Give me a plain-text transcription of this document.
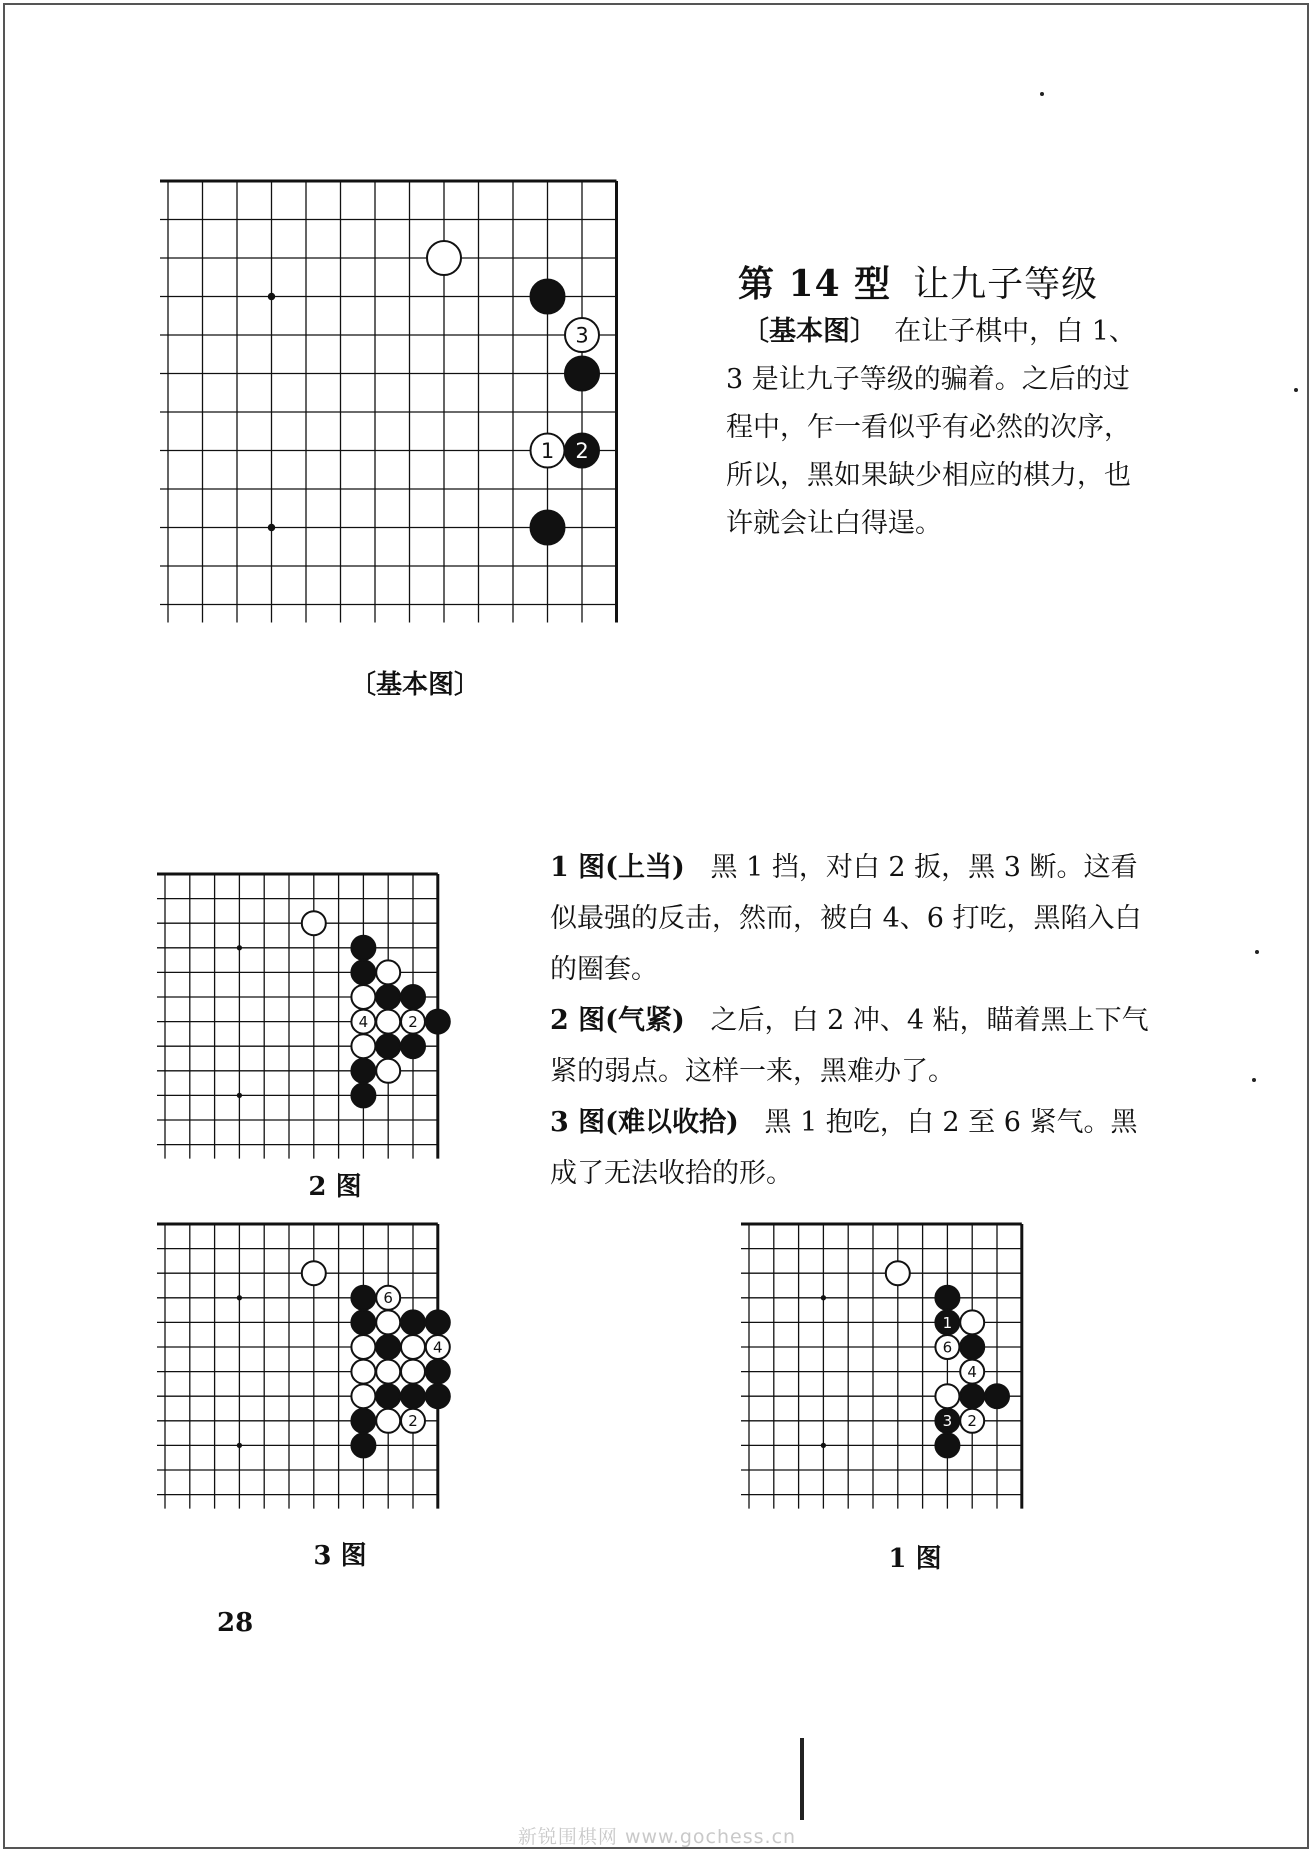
3
1 2
〔基本图〕
4	2
2 图
6
4
2
3 图
1
6
4
3 2
1 图
第 14 型 让九子等级
〔基本图〕 在让子棋中，白 1、3 是让九子等级的骗着。之后的过程中，乍一看似乎有必然的次序，所以，黑如果缺少相应的棋力，也许就会让白得逞。

1 图(上当) 黑 1 挡，对白 2 扳，黑 3 断。这看似最强的反击，然而，被白 4、6 打吃，黑陷入白的圈套。

2 图(气紧) 之后，白 2 冲、4 粘，瞄着黑上下气紧的弱点。这样一来，黑难办了。

3 图(难以收拾) 黑 1 抱吃，白 2 至 6 紧气。黑成了无法收拾的形。

28
新锐围棋网 www.gochess.cn
